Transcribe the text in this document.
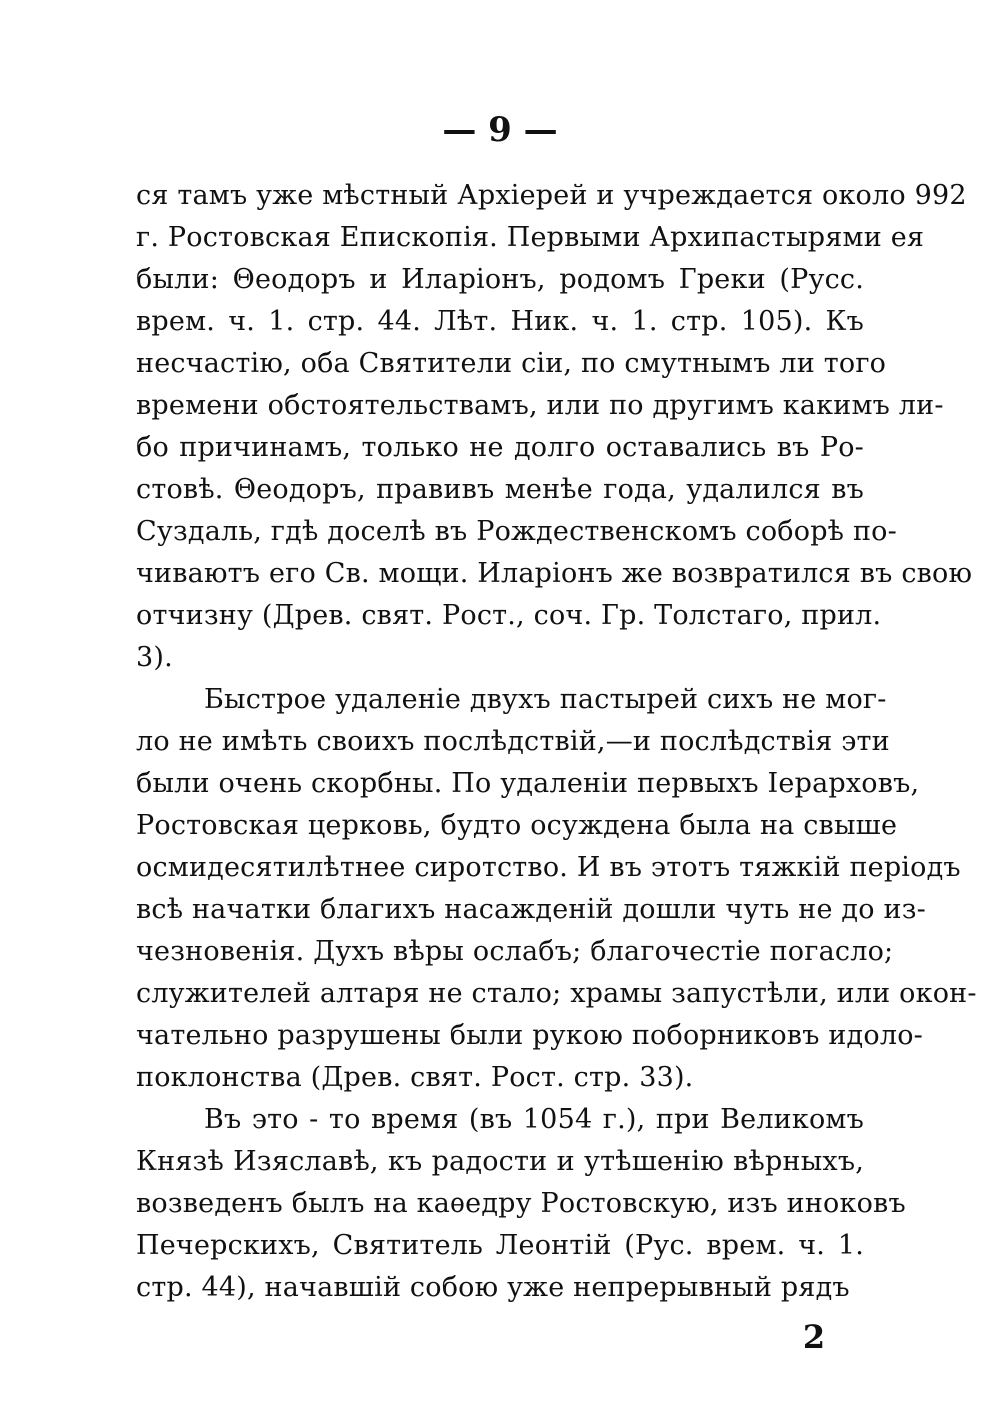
— 9 —
ся тамъ уже мѣстный Архіерей и учреждается около 992
г. Ростовская Епископія. Первыми Архипастырями ея
были: Θеодоръ и Иларіонъ, родомъ Греки (Русс.
врем. ч. 1. стр. 44. Лѣт. Ник. ч. 1. стр. 105). Къ
несчастію, оба Святители сіи, по смутнымъ ли того
времени обстоятельствамъ, или по другимъ какимъ ли-
бо причинамъ, только не долго оставались въ Ро-
стовѣ. Θеодоръ, правивъ менѣе года, удалился въ
Суздаль, гдѣ доселѣ въ Рождественскомъ соборѣ по-
чиваютъ его Св. мощи. Иларіонъ же возвратился въ свою
отчизну (Древ. свят. Рост., соч. Гр. Толстаго, прил.
3).
Быстрое удаленіе двухъ пастырей сихъ не мог-
ло не имѣть своихъ послѣдствій,—и послѣдствія эти
были очень скорбны. По удаленіи первыхъ Іерарховъ,
Ростовская церковь, будто осуждена была на свыше
осмидесятилѣтнее сиротство. И въ этотъ тяжкій періодъ
всѣ начатки благихъ насажденій дошли чуть не до из-
чезновенія. Духъ вѣры ослабъ; благочестіе погасло;
служителей алтаря не стало; храмы запустѣли, или окон-
чательно разрушены были рукою поборниковъ идоло-
поклонства (Древ. свят. Рост. стр. 33).
Въ это - то время (въ 1054 г.), при Великомъ
Князѣ Изяславѣ, къ радости и утѣшенію вѣрныхъ,
возведенъ былъ на каѳедру Ростовскую, изъ иноковъ
Печерскихъ, Святитель Леонтій (Рус. врем. ч. 1.
стр. 44), начавшій собою уже непрерывный рядъ
2
